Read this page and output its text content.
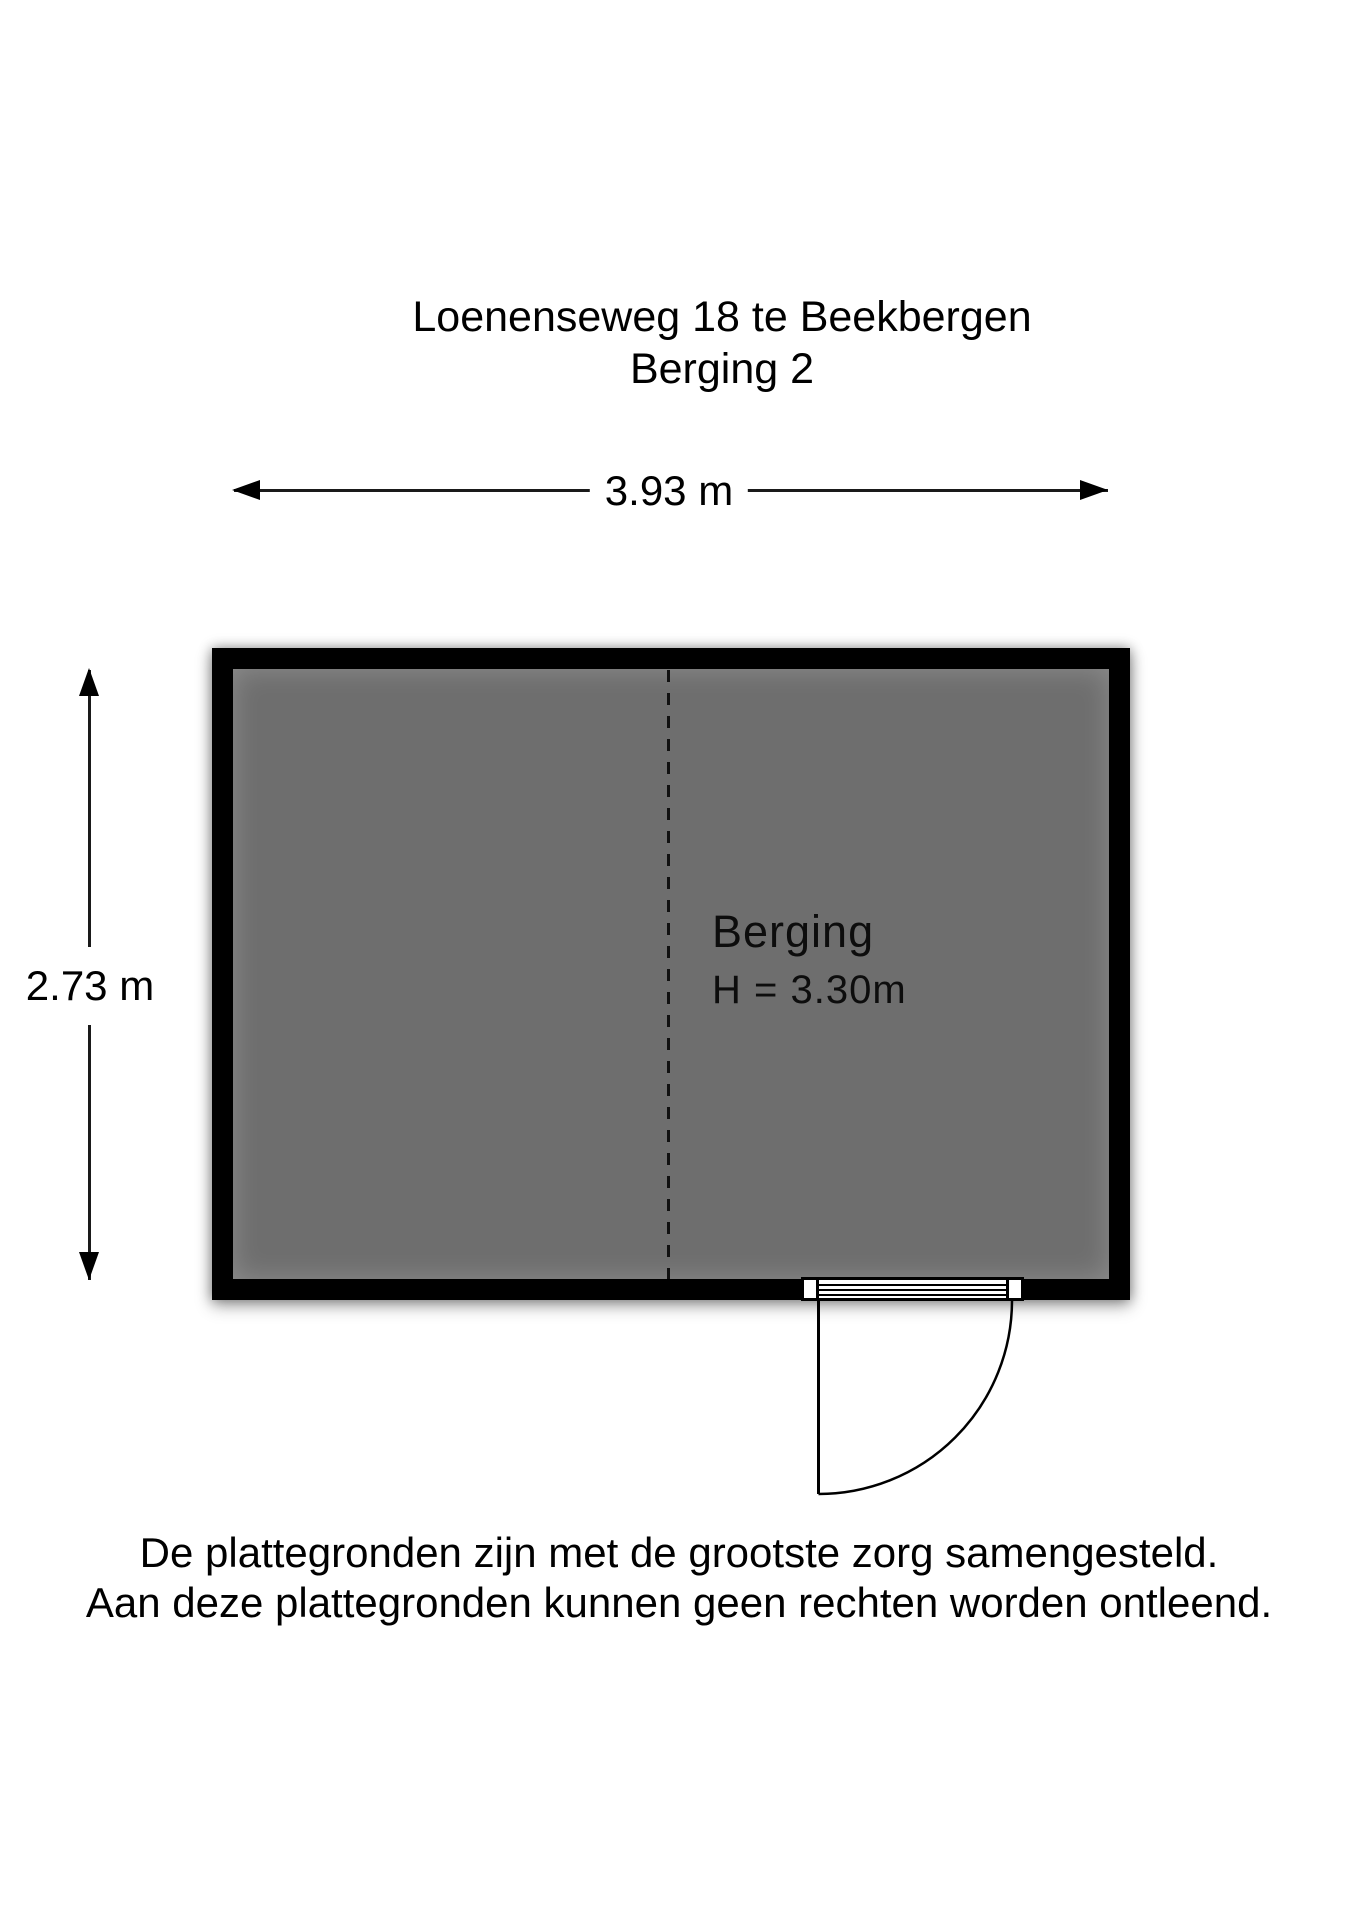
Loenenseweg 18 te Beekbergen
Berging 2
3.93 m
2.73 m
Berging
H = 3.30m
De plattegronden zijn met de grootste zorg samengesteld.
Aan deze plattegronden kunnen geen rechten worden ontleend.
